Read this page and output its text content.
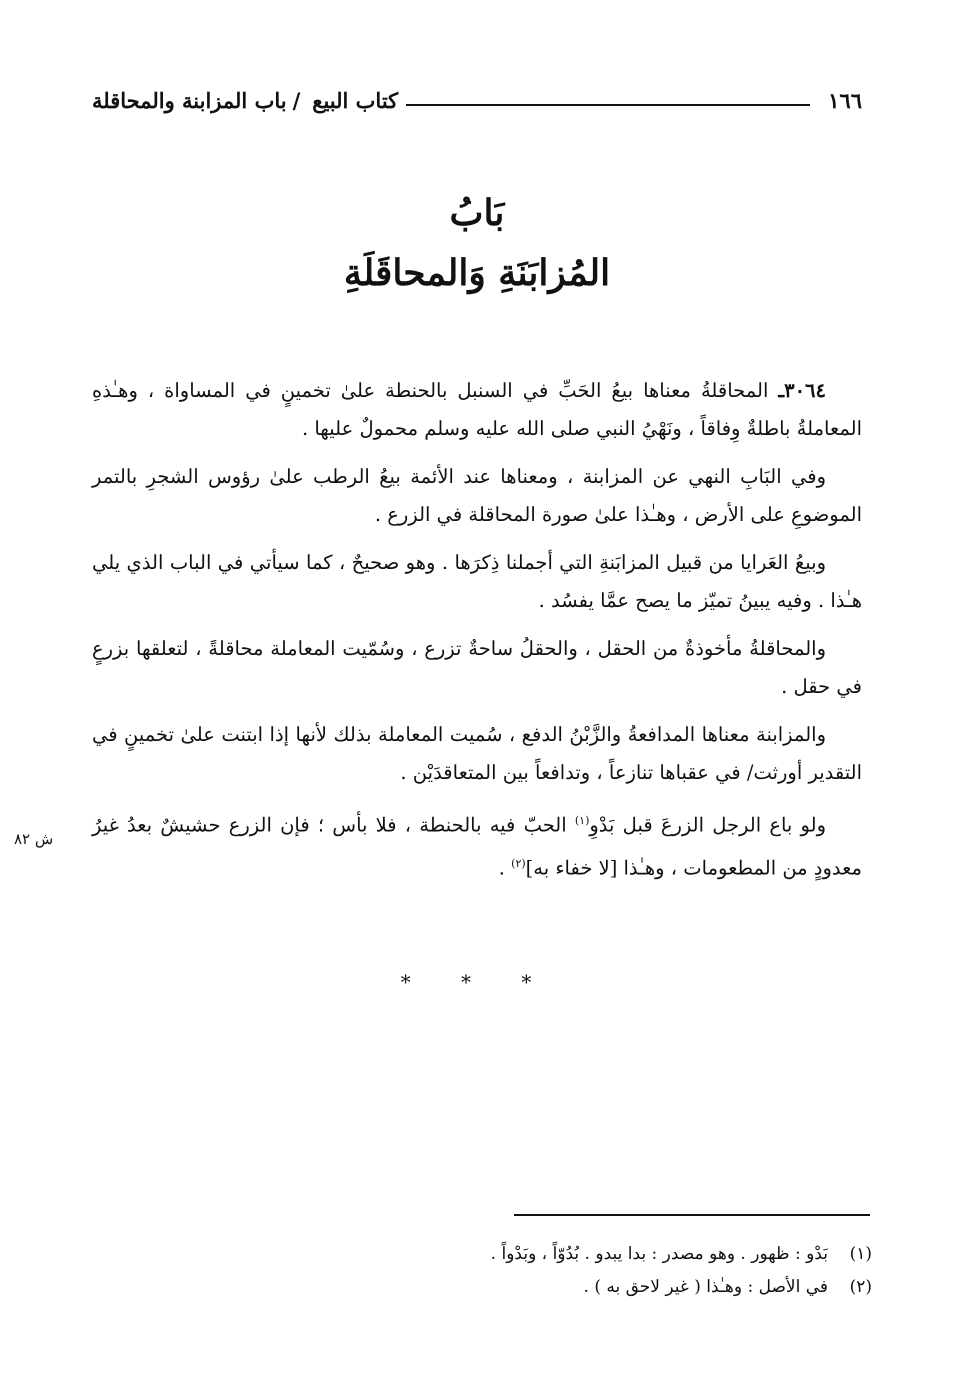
١٦٦
كتاب البيع
/
باب المزابنة والمحاقلة
بَابُ
المُزابَنَةِ وَالمحاقَلَةِ

٣٠٦٤ـ المحاقلةُ معناها بيعُ الحَبِّ في السنبل بالحنطة علىٰ تخمينٍ في المساواة ، وهـٰذهِ المعاملةُ باطلةٌ وِفاقاً ، ونَهْيُ النبي صلى الله عليه وسلم محمولٌ عليها .

وفي البَابِ النهي عن المزابنة ، ومعناها عند الأئمة بيعُ الرطب علىٰ رؤوس الشجرِ بالتمر الموضوعِ على الأرض ، وهـٰذا علىٰ صورة المحاقلة في الزرع .

وبيعُ العَرايا من قبيل المزابَنةِ التي أجملنا ذِكرَها . وهو صحيحٌ ، كما سيأتي في الباب الذي يلي هـٰذا . وفيه يبينُ تميّز ما يصح عمَّا يفسُد .

والمحاقلةُ مأخوذةٌ من الحقل ، والحقلُ ساحةٌ تزرع ، وسُمّيت المعاملة محاقلةً ، لتعلقها بزرعٍ في حقل .

والمزابنة معناها المدافعةُ والزَّبْنُ الدفع ، سُميت المعاملة بذلك لأنها إذا ابتنت علىٰ تخمينٍ في التقدير أورثت/ في عقباها تنازعاً ، وتدافعاً بين المتعاقدَيْن .

ولو باع الرجل الزرعَ قبل بَدْوِ$^{(١)}$ الحبّ فيه بالحنطة ، فلا بأس ؛ فإن الزرع حشيشٌ بعدُ غيرُ معدودٍ من المطعومات ، وهـٰذا [لا خفاء به]$^{(٢)}$ .

ش ٨٢
* * *
(١)بَدْو : ظهور . وهو مصدر : بدا يبدو . بُدُوّاً ، وبَدْواً .
(٢)في الأصل : وهـٰذا ( غير لاحق به ) .
